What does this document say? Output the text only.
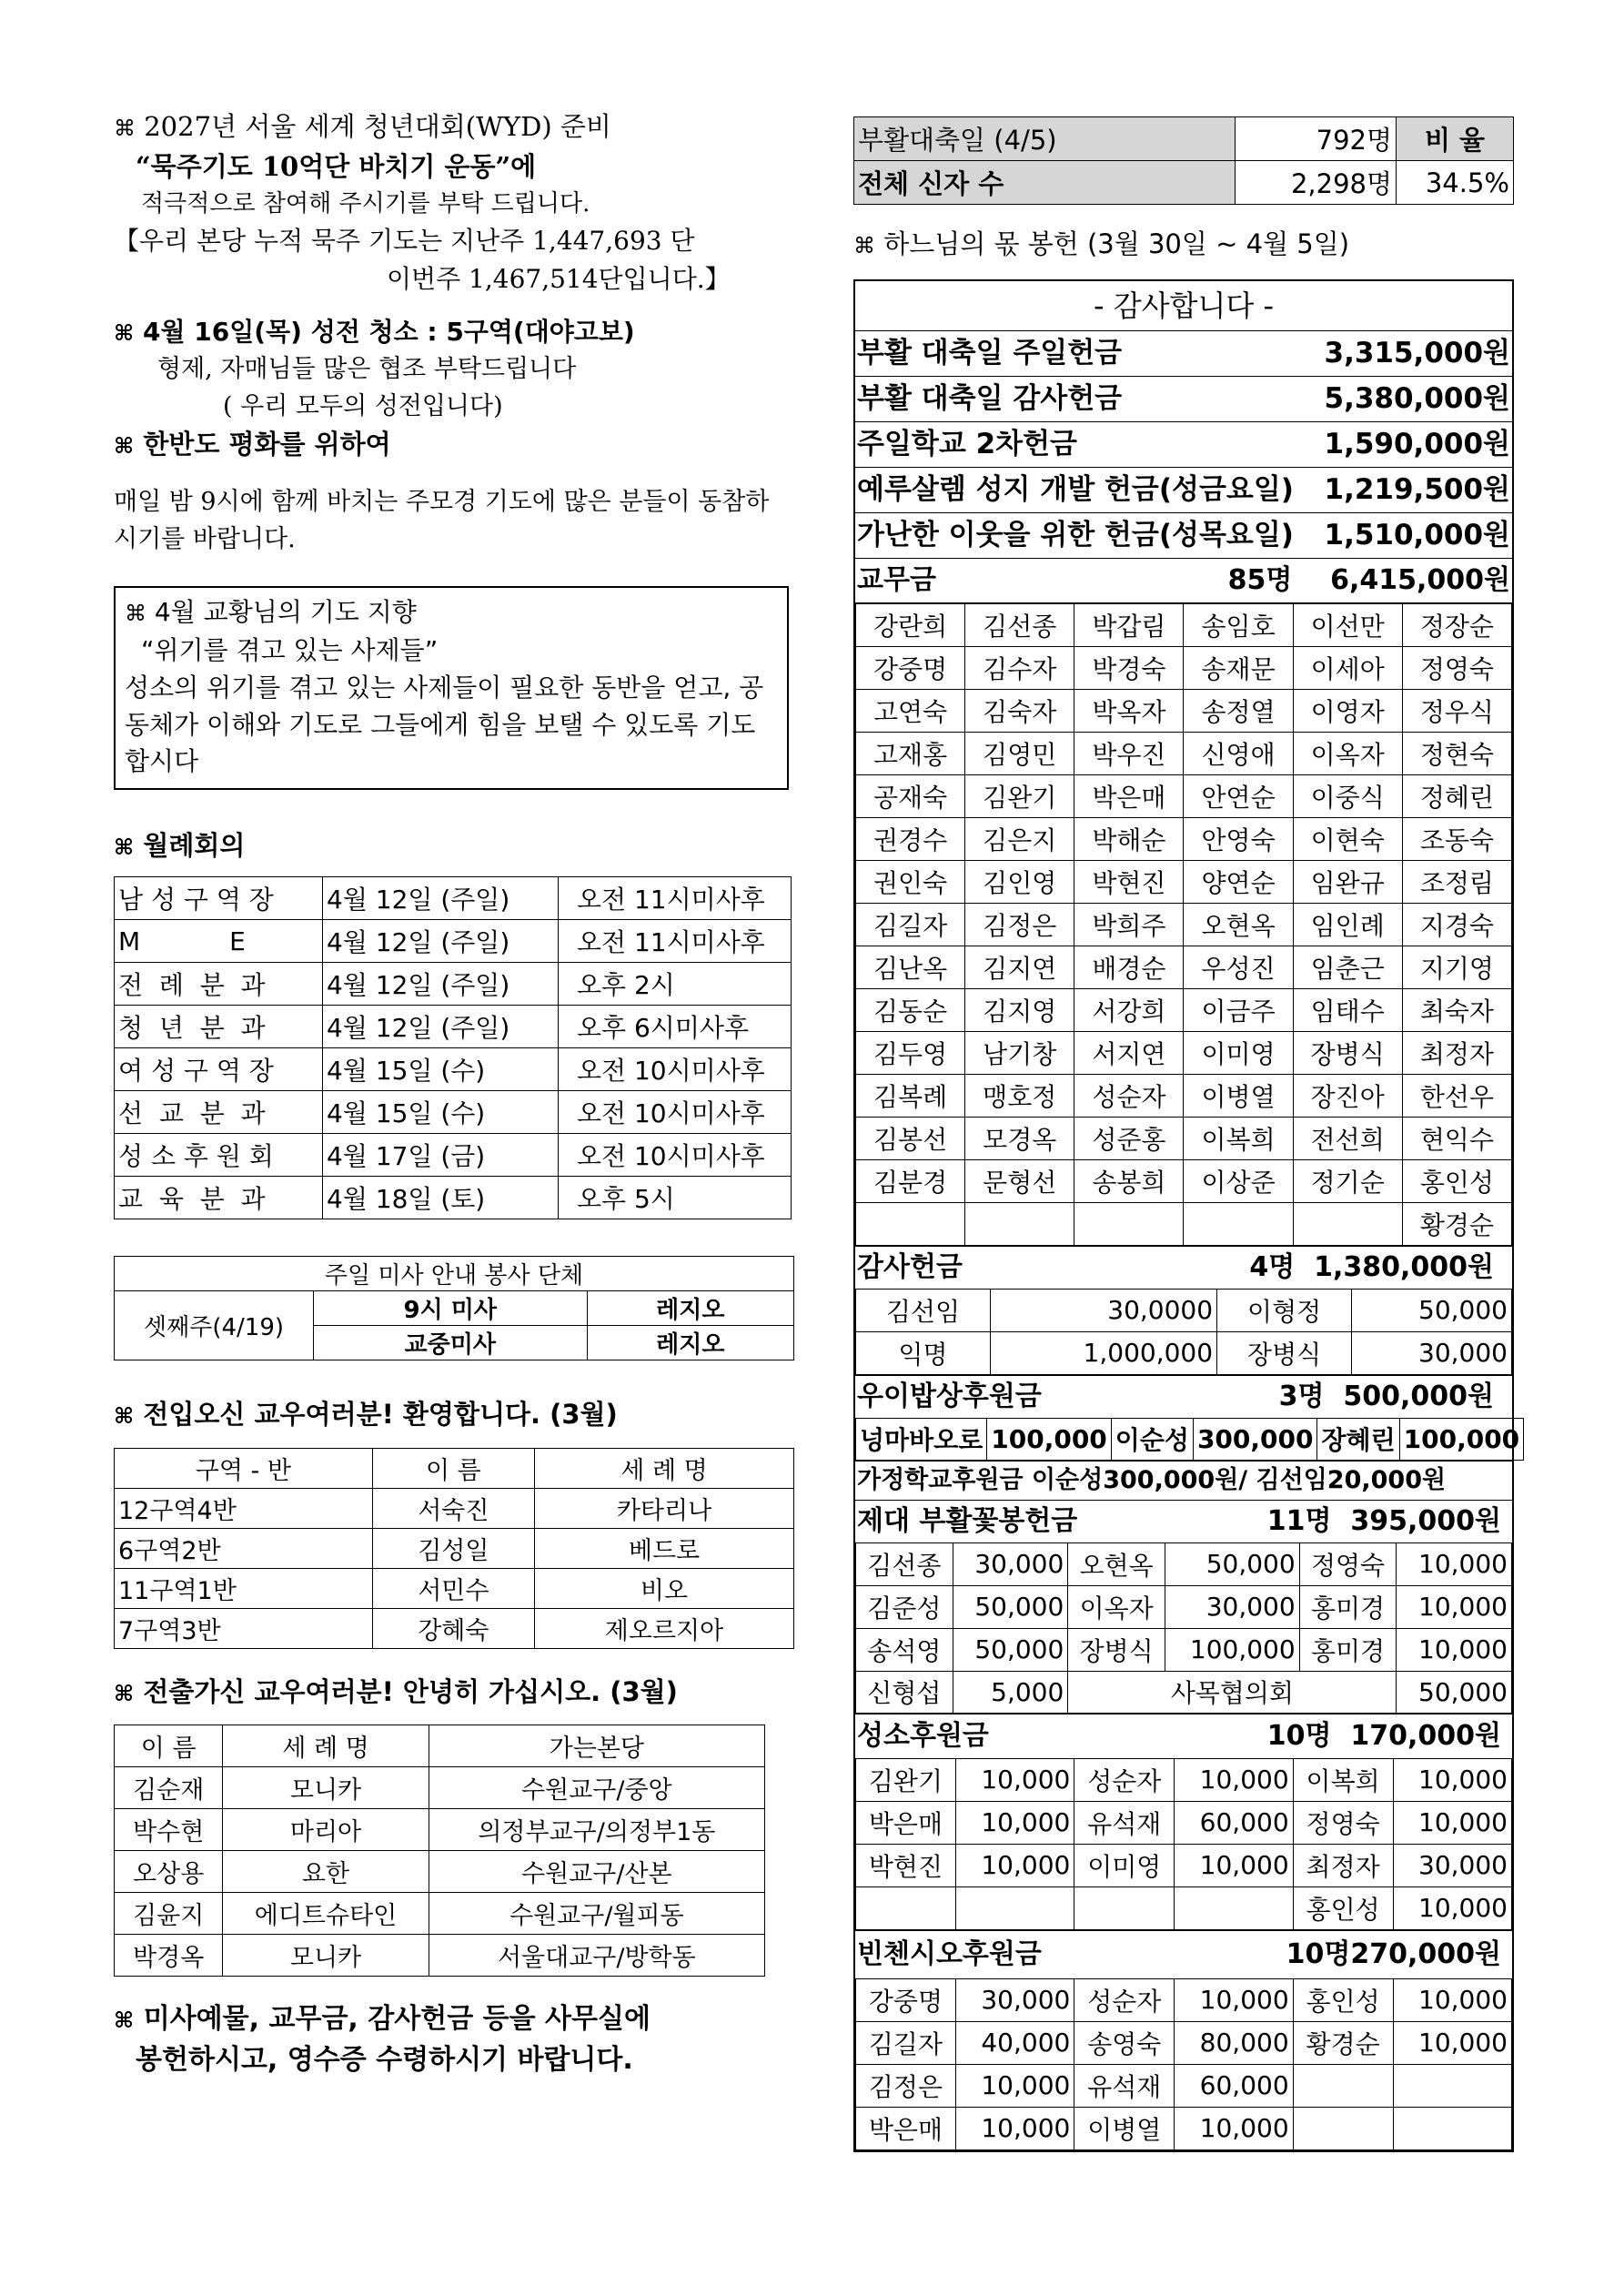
⌘ 2027년 서울 세계 청년대회(WYD) 준비

“묵주기도 10억단 바치기 운동”에

적극적으로 참여해 주시기를 부탁 드립니다.

【우리 본당 누적 묵주 기도는 지난주 1,447,693 단

이번주 1,467,514단입니다.】

⌘ 4월 16일(목) 성전 청소 : 5구역(대야고보)

형제, 자매님들 많은 협조 부탁드립니다

( 우리 모두의 성전입니다)

⌘ 한반도 평화를 위하여

매일 밤 9시에 함께 바치는 주모경 기도에 많은 분들이 동참하시기를 바랍니다.

⌘ 4월 교황님의 기도 지향

“위기를 겪고 있는 사제들”

성소의 위기를 겪고 있는 사제들이 필요한 동반을 얻고, 공동체가 이해와 기도로 그들에게 힘을 보탤 수 있도록 기도합시다

⌘ 월례회의

남 성 구 역 장	4월 12일 (주일)	오전 11시미사후
M           E	4월 12일 (주일)	오전 11시미사후
전  례  분  과	4월 12일 (주일)	오후 2시
청  년  분  과	4월 12일 (주일)	오후 6시미사후
여 성 구 역 장	4월 15일 (수)	오전 10시미사후
선  교  분  과	4월 15일 (수)	오전 10시미사후
성 소 후 원 회	4월 17일 (금)	오전 10시미사후
교  육  분  과	4월 18일 (토)	오후 5시
주일 미사 안내 봉사 단체		
셋째주(4/19)	9시 미사	레지오
	교중미사	레지오

⌘ 전입오신 교우여러분! 환영합니다. (3월)

구역 - 반	이 름	세 례 명
12구역4반	서숙진	카타리나
6구역2반	김성일	베드로
11구역1반	서민수	비오
7구역3반	강혜숙	제오르지아

⌘ 전출가신 교우여러분! 안녕히 가십시오. (3월)

이 름	세 례 명	가는본당
김순재	모니카	수원교구/중앙
박수현	마리아	의정부교구/의정부1동
오상용	요한	수원교구/산본
김윤지	에디트슈타인	수원교구/월피동
박경옥	모니카	서울대교구/방학동

⌘ 미사예물, 교무금, 감사헌금 등을 사무실에

봉헌하시고, 영수증 수령하시기 바랍니다.

부활대축일 (4/5)	792명	비 율
전체 신자 수	2,298명	34.5%

⌘ 하느님의 몫 봉헌 (3월 30일 ~ 4월 5일)

- 감사합니다 -
부활 대축일 주일헌금	3,315,000원
부활 대축일 감사헌금	5,380,000원
주일학교 2차헌금	1,590,000원
예루살렘 성지 개발 헌금(성금요일) 1,219,500원
가난한 이웃을 위한 헌금(성목요일) 1,510,000원
교무금	85명 6,415,000원
강란희	김선종	박갑림	송임호	이선만	정장순
강중명	김수자	박경숙	송재문	이세아	정영숙
고연숙	김숙자	박옥자	송정열	이영자	정우식
고재홍	김영민	박우진	신영애	이옥자	정현숙
공재숙	김완기	박은매	안연순	이중식	정혜린
권경수	김은지	박해순	안영숙	이현숙	조동숙
권인숙	김인영	박현진	양연순	임완규	조정림
김길자	김정은	박희주	오현옥	임인례	지경숙
김난옥	김지연	배경순	우성진	임춘근	지기영
김동순	김지영	서강희	이금주	임태수	최숙자
김두영	남기창	서지연	이미영	장병식	최정자
김복례	맹호정	성순자	이병열	장진아	한선우
김봉선	모경옥	성준홍	이복희	전선희	현익수
김분경	문형선	송봉희	이상준	정기순	홍인성
					황경순
감사헌금	4명 1,380,000원
김선임	30,0000	이형정	50,000
익명	1,000,000	장병식	30,000
우이밥상후원금	3명 500,000원
넝마바오로	100,000	이순성	300,000	장혜린	100,000
가정학교후원금 이순성300,000원/ 김선임20,000원
제대 부활꽃봉헌금	11명 395,000원
김선종	30,000	오현옥	50,000	정영숙	10,000
김준성	50,000	이옥자	30,000	홍미경	10,000
송석영	50,000	장병식	100,000	홍미경	10,000
신형섭	5,000	사목협의회			50,000
성소후원금	10명 170,000원
김완기	10,000	성순자	10,000	이복희	10,000
박은매	10,000	유석재	60,000	정영숙	10,000
박현진	10,000	이미영	10,000	최정자	30,000
				홍인성	10,000
빈첸시오후원금	10명270,000원
강중명	30,000	성순자	10,000	홍인성	10,000
김길자	40,000	송영숙	80,000	황경순	10,000
김정은	10,000	유석재	60,000		
박은매	10,000	이병열	10,000		
